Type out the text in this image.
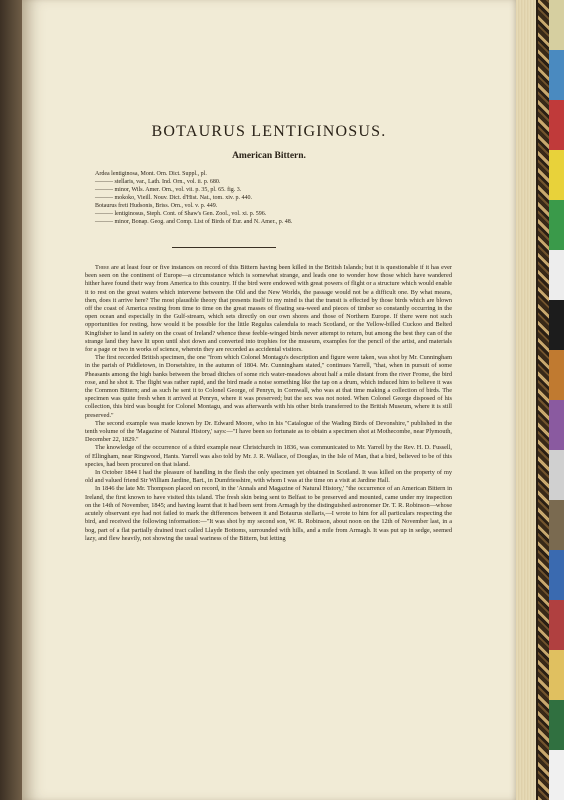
BOTAURUS LENTIGINOSUS.
American Bittern.
Ardea lentiginosa, Mont. Orn. Dict. Suppl., pl.
——— stellaris, var., Lath. Ind. Orn., vol. ii. p. 680.
——— minor, Wils. Amer. Orn., vol. vii. p. 35, pl. 65. fig. 3.
——— mokoko, Vieill. Nouv. Dict. d'Hist. Nat., tom. xiv. p. 440.
Botaurus freti Hudsonis, Briss. Orn., vol. v. p. 449.
——— lentiginosus, Steph. Cont. of Shaw's Gen. Zool., vol. xi. p. 596.
——— minor, Bonap. Geog. and Comp. List of Birds of Eur. and N. Amer., p. 48.

There are at least four or five instances on record of this Bittern having been killed in the British Islands; but it is questionable if it has ever been seen on the continent of Europe—a circumstance which is somewhat strange, and leads one to wonder how those which have wandered hither have found their way from America to this country. If the bird were endowed with great powers of flight or a structure which would enable it to rest on the great waters which intervene between the Old and the New Worlds, the passage would not be a difficult one. By what means, then, does it arrive here? The most plausible theory that presents itself to my mind is that the transit is effected by those birds which are blown off the coast of America resting from time to time on the great masses of floating sea-weed and pieces of timber so constantly occurring in the open ocean and especially in the Gulf-stream, which sets directly on our own shores and those of Northern Europe. If there were not such opportunities for resting, how would it be possible for the little Regulus calendula to reach Scotland, or the Yellow-billed Cuckoo and Belted Kingfisher to land in safety on the coast of Ireland? whence these feeble-winged birds never attempt to return, but among the best they can of the strange land they have lit upon until shot down and converted into trophies for the museum, examples for the pencil of the artist, and materials for a page or two in works of science, wherein they are recorded as accidental visitors.

The first recorded British specimen, the one "from which Colonel Montagu's description and figure were taken, was shot by Mr. Cunningham in the parish of Piddletown, in Dorsetshire, in the autumn of 1804. Mr. Cunningham stated," continues Yarrell, "that, when in pursuit of some Pheasants among the high banks between the broad ditches of some rich water-meadows about half a mile distant from the river Frome, the bird rose, and he shot it. The flight was rather rapid, and the bird made a noise something like the tap on a drum, which induced him to believe it was the Common Bittern; and as such he sent it to Colonel George, of Penryn, in Cornwall, who was at that time making a collection of birds. The specimen was quite fresh when it arrived at Penryn, where it was preserved; but the sex was not noted. When Colonel George disposed of his collection, this bird was bought for Colonel Montagu, and was afterwards with his other birds transferred to the British Museum, where it is still preserved."

The second example was made known by Dr. Edward Moore, who in his "Catalogue of the Wading Birds of Devonshire," published in the tenth volume of the 'Magazine of Natural History,' says:—"I have been so fortunate as to obtain a specimen shot at Mothecombe, near Plymouth, December 22, 1829."

The knowledge of the occurrence of a third example near Christchurch in 1836, was communicated to Mr. Yarrell by the Rev. H. D. Fussell, of Ellingham, near Ringwood, Hants. Yarrell was also told by Mr. J. R. Wallace, of Douglas, in the Isle of Man, that a bird, believed to be of this species, had been procured on that island.

In October 1844 I had the pleasure of handling in the flesh the only specimen yet obtained in Scotland. It was killed on the property of my old and valued friend Sir William Jardine, Bart., in Dumfriesshire, with whom I was at the time on a visit at Jardine Hall.

In 1846 the late Mr. Thompson placed on record, in the 'Annals and Magazine of Natural History,' "the occurrence of an American Bittern in Ireland, the first known to have visited this island. The fresh skin being sent to Belfast to be preserved and mounted, came under my inspection on the 14th of November, 1845; and having learnt that it had been sent from Armagh by the distinguished astronomer Dr. T. R. Robinson—whose acutely observant eye had not failed to mark the differences between it and Botaurus stellaris,—I wrote to him for all particulars respecting the bird, and received the following information:—"It was shot by my second son, W. R. Robinson, about noon on the 12th of November last, in a bog, part of a flat partially drained tract called Llayde Bottoms, surrounded with hills, and a mile from Armagh. It was put up in sedge, seemed lazy, and flew heavily, not showing the usual wariness of the Bittern, but letting
